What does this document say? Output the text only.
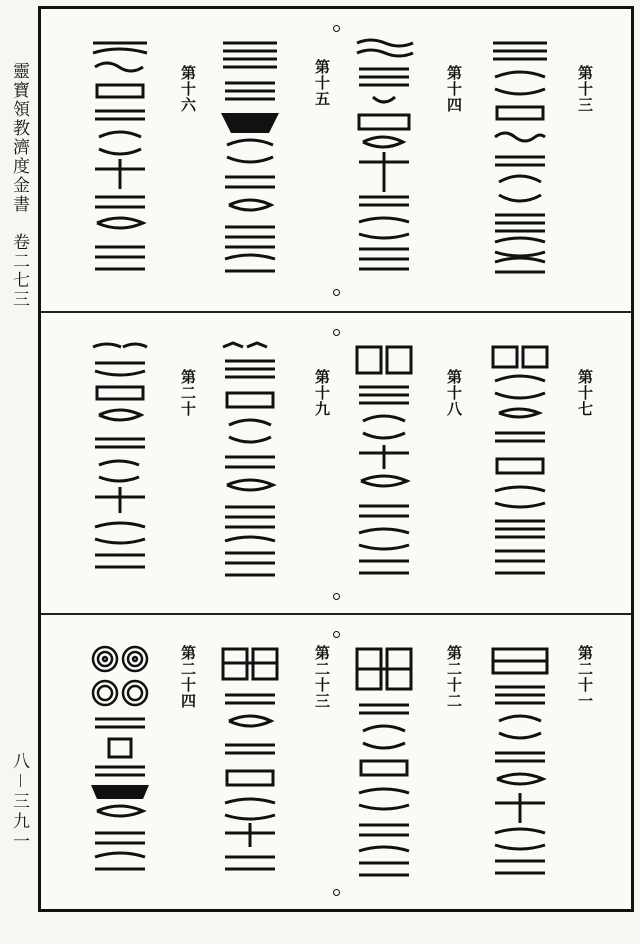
靈寶領教濟度金書　卷二七三
八－三九一
第十三
第十四
第十五
第十六
第十七
第十八
第十九
第二十
第二十一
第二十二
第二十三
第二十四
